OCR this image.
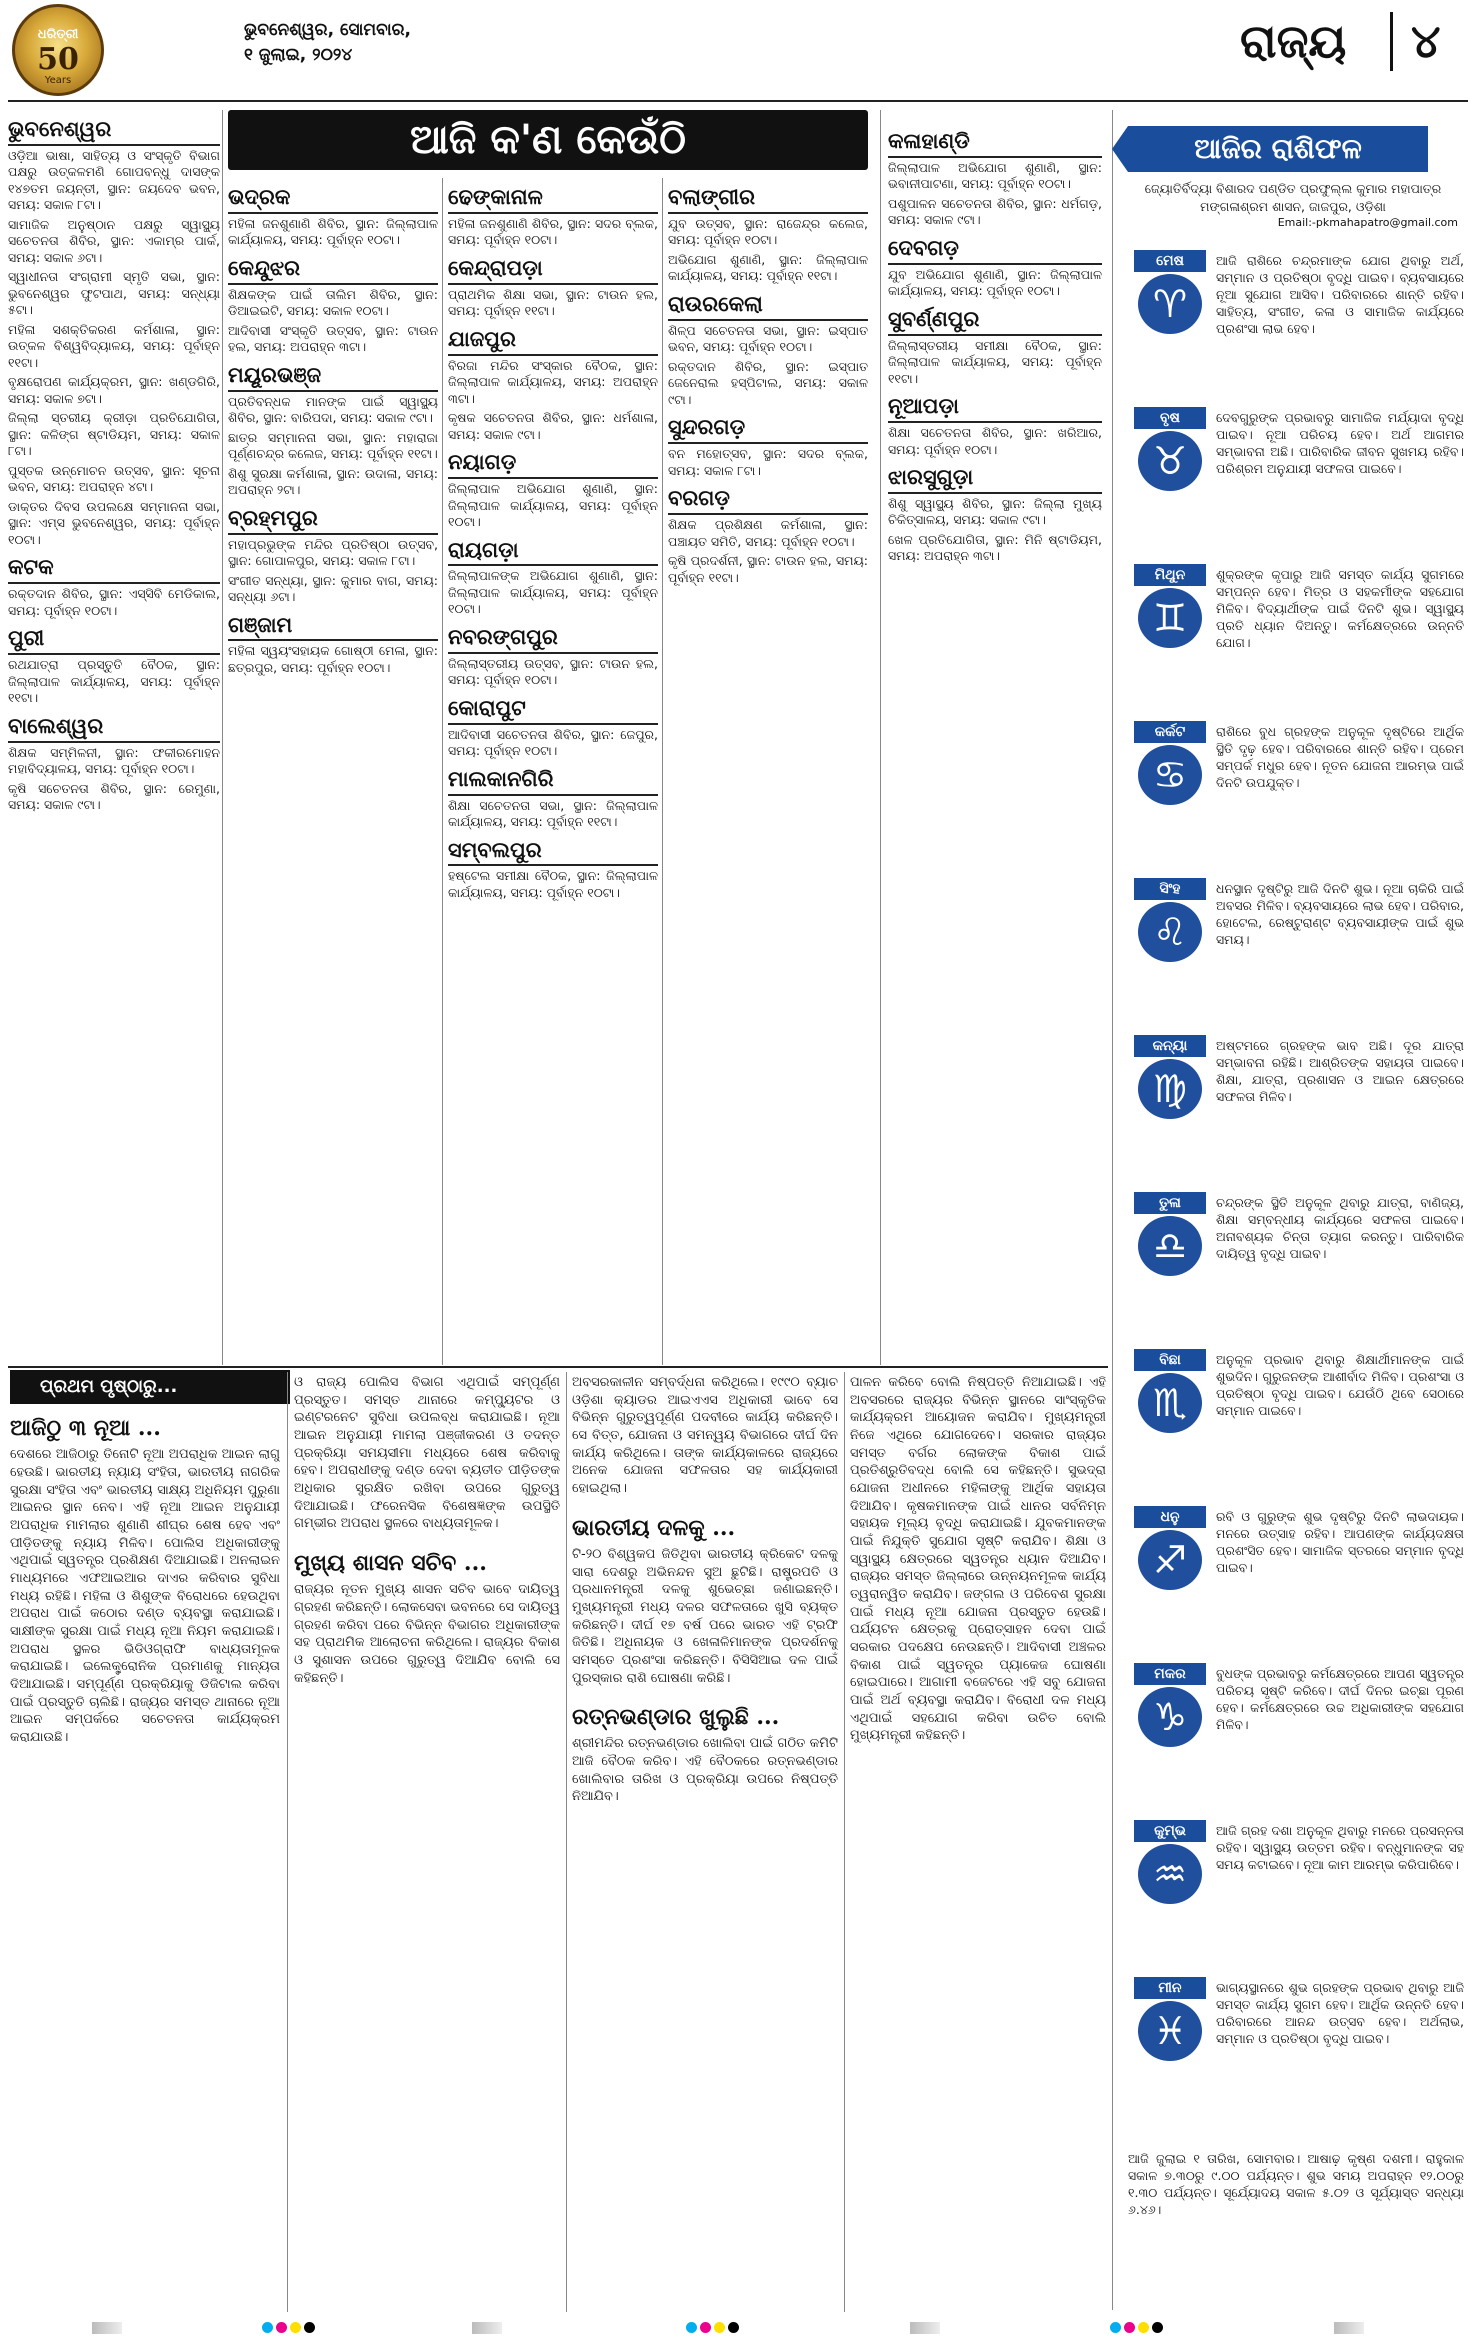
ଧରିତ୍ରୀ
50
Years
ଭୁବନେଶ୍ୱର, ସୋମବାର,
୧ ଜୁଲାଇ, ୨୦୨୪	ରାଜ୍ୟ	୪
ଆଜି କ'ଣ କେଉଁଠି
ଭୁବନେଶ୍ୱର
ଓଡ଼ିଆ ଭାଷା, ସାହିତ୍ୟ ଓ ସଂସ୍କୃତି ବିଭାଗ ପକ୍ଷରୁ ଉତ୍କଳମଣି ଗୋପବନ୍ଧୁ ଦାସଙ୍କ ୧୪୭ତମ ଜୟନ୍ତୀ, ସ୍ଥାନ: ଜୟଦେବ ଭବନ, ସମୟ: ସକାଳ ୮ଟା।
ସାମାଜିକ ଅନୁଷ୍ଠାନ ପକ୍ଷରୁ ସ୍ୱାସ୍ଥ୍ୟ ସଚେତନତା ଶିବିର, ସ୍ଥାନ: ଏକାମ୍ର ପାର୍କ, ସମୟ: ସକାଳ ୬ଟା।
ସ୍ୱାଧୀନତା ସଂଗ୍ରାମୀ ସ୍ମୃତି ସଭା, ସ୍ଥାନ: ଭୁବନେଶ୍ୱର ଫୁଟପାଥ, ସମୟ: ସନ୍ଧ୍ୟା ୫ଟା।
ମହିଳା ସଶକ୍ତିକରଣ କର୍ମଶାଳା, ସ୍ଥାନ: ଉତ୍କଳ ବିଶ୍ୱବିଦ୍ୟାଳୟ, ସମୟ: ପୂର୍ବାହ୍ନ ୧୧ଟା।
ବୃକ୍ଷରୋପଣ କାର୍ଯ୍ୟକ୍ରମ, ସ୍ଥାନ: ଖଣ୍ଡଗିରି, ସମୟ: ସକାଳ ୭ଟା।
ଜିଲ୍ଲା ସ୍ତରୀୟ କ୍ରୀଡ଼ା ପ୍ରତିଯୋଗିତା, ସ୍ଥାନ: କଳିଙ୍ଗ ଷ୍ଟାଡିୟମ, ସମୟ: ସକାଳ ୮ଟା।
ପୁସ୍ତକ ଉନ୍ମୋଚନ ଉତ୍ସବ, ସ୍ଥାନ: ସୂଚନା ଭବନ, ସମୟ: ଅପରାହ୍ନ ୪ଟା।
ଡାକ୍ତର ଦିବସ ଉପଲକ୍ଷେ ସମ୍ମାନନା ସଭା, ସ୍ଥାନ: ଏମ୍ସ ଭୁବନେଶ୍ୱର, ସମୟ: ପୂର୍ବାହ୍ନ ୧୦ଟା।
କଟକ
ରକ୍ତଦାନ ଶିବିର, ସ୍ଥାନ: ଏସ୍ସିବି ମେଡିକାଲ, ସମୟ: ପୂର୍ବାହ୍ନ ୧୦ଟା।
ପୁରୀ
ରଥଯାତ୍ରା ପ୍ରସ୍ତୁତି ବୈଠକ, ସ୍ଥାନ: ଜିଲ୍ଲାପାଳ କାର୍ଯ୍ୟାଳୟ, ସମୟ: ପୂର୍ବାହ୍ନ ୧୧ଟା।
ବାଲେଶ୍ୱର
ଶିକ୍ଷକ ସମ୍ମିଳନୀ, ସ୍ଥାନ: ଫକୀରମୋହନ ମହାବିଦ୍ୟାଳୟ, ସମୟ: ପୂର୍ବାହ୍ନ ୧୦ଟା।
କୃଷି ସଚେତନତା ଶିବିର, ସ୍ଥାନ: ରେମୁଣା, ସମୟ: ସକାଳ ୯ଟା।
ଭଦ୍ରକ
ମହିଳା ଜନଶୁଣାଣି ଶିବିର, ସ୍ଥାନ: ଜିଲ୍ଲାପାଳ କାର୍ଯ୍ୟାଳୟ, ସମୟ: ପୂର୍ବାହ୍ନ ୧୦ଟା।
କେନ୍ଦୁଝର
ଶିକ୍ଷକଙ୍କ ପାଇଁ ତାଲିମ ଶିବିର, ସ୍ଥାନ: ଡିଆଇଇଟି, ସମୟ: ସକାଳ ୧୦ଟା।
ଆଦିବାସୀ ସଂସ୍କୃତି ଉତ୍ସବ, ସ୍ଥାନ: ଟାଉନ ହଲ, ସମୟ: ଅପରାହ୍ନ ୩ଟା।
ମୟୂରଭଞ୍ଜ
ପ୍ରତିବନ୍ଧକ ମାନଙ୍କ ପାଇଁ ସ୍ୱାସ୍ଥ୍ୟ ଶିବିର, ସ୍ଥାନ: ବାରିପଦା, ସମୟ: ସକାଳ ୯ଟା।
ଛାତ୍ର ସମ୍ମାନନା ସଭା, ସ୍ଥାନ: ମହାରାଜା ପୂର୍ଣ୍ଣଚନ୍ଦ୍ର କଲେଜ, ସମୟ: ପୂର୍ବାହ୍ନ ୧୧ଟା।
ଶିଶୁ ସୁରକ୍ଷା କର୍ମଶାଳା, ସ୍ଥାନ: ଉଦାଳା, ସମୟ: ଅପରାହ୍ନ ୨ଟା।
ବ୍ରହ୍ମପୁର
ମହାପ୍ରଭୁଙ୍କ ମନ୍ଦିର ପ୍ରତିଷ୍ଠା ଉତ୍ସବ, ସ୍ଥାନ: ଗୋପାଳପୁର, ସମୟ: ସକାଳ ୮ଟା।
ସଂଗୀତ ସନ୍ଧ୍ୟା, ସ୍ଥାନ: କୁମାର ବାଗ, ସମୟ: ସନ୍ଧ୍ୟା ୬ଟା।
ଗଞ୍ଜାମ
ମହିଳା ସ୍ୱୟଂସହାୟକ ଗୋଷ୍ଠୀ ମେଳା, ସ୍ଥାନ: ଛତ୍ରପୁର, ସମୟ: ପୂର୍ବାହ୍ନ ୧୦ଟା।
ଢେଙ୍କାନାଳ
ମହିଳା ଜନଶୁଣାଣି ଶିବିର, ସ୍ଥାନ: ସଦର ବ୍ଲକ, ସମୟ: ପୂର୍ବାହ୍ନ ୧୦ଟା।
କେନ୍ଦ୍ରାପଡ଼ା
ପ୍ରାଥମିକ ଶିକ୍ଷା ସଭା, ସ୍ଥାନ: ଟାଉନ ହଲ, ସମୟ: ପୂର୍ବାହ୍ନ ୧୧ଟା।
ଯାଜପୁର
ବିରଜା ମନ୍ଦିର ସଂସ୍କାର ବୈଠକ, ସ୍ଥାନ: ଜିଲ୍ଲାପାଳ କାର୍ଯ୍ୟାଳୟ, ସମୟ: ଅପରାହ୍ନ ୩ଟା।
କୃଷକ ସଚେତନତା ଶିବିର, ସ୍ଥାନ: ଧର୍ମଶାଳା, ସମୟ: ସକାଳ ୯ଟା।
ନୟାଗଡ଼
ଜିଲ୍ଲାପାଳ ଅଭିଯୋଗ ଶୁଣାଣି, ସ୍ଥାନ: ଜିଲ୍ଲାପାଳ କାର୍ଯ୍ୟାଳୟ, ସମୟ: ପୂର୍ବାହ୍ନ ୧୦ଟା।
ରାୟଗଡ଼ା
ଜିଲ୍ଲାପାଳଙ୍କ ଅଭିଯୋଗ ଶୁଣାଣି, ସ୍ଥାନ: ଜିଲ୍ଲାପାଳ କାର୍ଯ୍ୟାଳୟ, ସମୟ: ପୂର୍ବାହ୍ନ ୧୦ଟା।
ନବରଙ୍ଗପୁର
ଜିଲ୍ଲାସ୍ତରୀୟ ଉତ୍ସବ, ସ୍ଥାନ: ଟାଉନ ହଲ, ସମୟ: ପୂର୍ବାହ୍ନ ୧୦ଟା।
କୋରାପୁଟ
ଆଦିବାସୀ ସଚେତନତା ଶିବିର, ସ୍ଥାନ: ଜେପୁର, ସମୟ: ପୂର୍ବାହ୍ନ ୧୦ଟା।
ମାଲକାନଗିରି
ଶିକ୍ଷା ସଚେତନତା ସଭା, ସ୍ଥାନ: ଜିଲ୍ଲାପାଳ କାର୍ଯ୍ୟାଳୟ, ସମୟ: ପୂର୍ବାହ୍ନ ୧୧ଟା।
ସମ୍ବଲପୁର
ହଷ୍ଟେଲ ସମୀକ୍ଷା ବୈଠକ, ସ୍ଥାନ: ଜିଲ୍ଲାପାଳ କାର୍ଯ୍ୟାଳୟ, ସମୟ: ପୂର୍ବାହ୍ନ ୧୦ଟା।
ବଲାଙ୍ଗୀର
ଯୁବ ଉତ୍ସବ, ସ୍ଥାନ: ରାଜେନ୍ଦ୍ର କଲେଜ, ସମୟ: ପୂର୍ବାହ୍ନ ୧୦ଟା।
ଅଭିଯୋଗ ଶୁଣାଣି, ସ୍ଥାନ: ଜିଲ୍ଲାପାଳ କାର୍ଯ୍ୟାଳୟ, ସମୟ: ପୂର୍ବାହ୍ନ ୧୧ଟା।
ରାଉରକେଲା
ଶିଳ୍ପ ସଚେତନତା ସଭା, ସ୍ଥାନ: ଇସ୍ପାତ ଭବନ, ସମୟ: ପୂର୍ବାହ୍ନ ୧୦ଟା।
ରକ୍ତଦାନ ଶିବିର, ସ୍ଥାନ: ଇସ୍ପାତ ଜେନେରାଲ ହସ୍ପିଟାଲ, ସମୟ: ସକାଳ ୯ଟା।
ସୁନ୍ଦରଗଡ଼
ବନ ମହୋତ୍ସବ, ସ୍ଥାନ: ସଦର ବ୍ଲକ, ସମୟ: ସକାଳ ୮ଟା।
ବରଗଡ଼
ଶିକ୍ଷକ ପ୍ରଶିକ୍ଷଣ କର୍ମଶାଳା, ସ୍ଥାନ: ପଞ୍ଚାୟତ ସମିତି, ସମୟ: ପୂର୍ବାହ୍ନ ୧୦ଟା।
କୃଷି ପ୍ରଦର୍ଶନୀ, ସ୍ଥାନ: ଟାଉନ ହଲ, ସମୟ: ପୂର୍ବାହ୍ନ ୧୧ଟା।
କଳାହାଣ୍ଡି
ଜିଲ୍ଲାପାଳ ଅଭିଯୋଗ ଶୁଣାଣି, ସ୍ଥାନ: ଭବାନୀପାଟଣା, ସମୟ: ପୂର୍ବାହ୍ନ ୧୦ଟା।
ପଶୁପାଳନ ସଚେତନତା ଶିବିର, ସ୍ଥାନ: ଧର୍ମଗଡ଼, ସମୟ: ସକାଳ ୯ଟା।
ଦେବଗଡ଼
ଯୁବ ଅଭିଯୋଗ ଶୁଣାଣି, ସ୍ଥାନ: ଜିଲ୍ଲାପାଳ କାର୍ଯ୍ୟାଳୟ, ସମୟ: ପୂର୍ବାହ୍ନ ୧୦ଟା।
ସୁବର୍ଣ୍ଣପୁର
ଜିଲ୍ଲାସ୍ତରୀୟ ସମୀକ୍ଷା ବୈଠକ, ସ୍ଥାନ: ଜିଲ୍ଲାପାଳ କାର୍ଯ୍ୟାଳୟ, ସମୟ: ପୂର୍ବାହ୍ନ ୧୧ଟା।
ନୂଆପଡ଼ା
ଶିକ୍ଷା ସଚେତନତା ଶିବିର, ସ୍ଥାନ: ଖରିଆର, ସମୟ: ପୂର୍ବାହ୍ନ ୧୦ଟା।
ଝାରସୁଗୁଡ଼ା
ଶିଶୁ ସ୍ୱାସ୍ଥ୍ୟ ଶିବିର, ସ୍ଥାନ: ଜିଲ୍ଲା ମୁଖ୍ୟ ଚିକିତ୍ସାଳୟ, ସମୟ: ସକାଳ ୯ଟା।
ଖେଳ ପ୍ରତିଯୋଗିତା, ସ୍ଥାନ: ମିନି ଷ୍ଟାଡିୟମ, ସମୟ: ଅପରାହ୍ନ ୩ଟା।
ଆଜିର ରାଶିଫଳ
ଜ୍ୟୋତିର୍ବିଦ୍ୟା ବିଶାରଦ ପଣ୍ଡିତ ପ୍ରଫୁଲ୍ଲ କୁମାର ମହାପାତ୍ର
ମଙ୍ଗଳାଶ୍ରମ ଶାସନ, ଜାଜପୁର, ଓଡ଼ିଶା
Email:-pkmahapatro@gmail.com
ମେଷ
♈
ଆଜି ରାଶିରେ ଚନ୍ଦ୍ରମାଙ୍କ ଯୋଗ ଥିବାରୁ ଅର୍ଥ, ସମ୍ମାନ ଓ ପ୍ରତିଷ୍ଠା ବୃଦ୍ଧି ପାଇବ। ବ୍ୟବସାୟରେ ନୂଆ ସୁଯୋଗ ଆସିବ। ପରିବାରରେ ଶାନ୍ତି ରହିବ। ସାହିତ୍ୟ, ସଂଗୀତ, କଳା ଓ ସାମାଜିକ କାର୍ଯ୍ୟରେ ପ୍ରଶଂସା ଲାଭ ହେବ।
ବୃଷ
♉
ଦେବଗୁରୁଙ୍କ ପ୍ରଭାବରୁ ସାମାଜିକ ମର୍ଯ୍ୟାଦା ବୃଦ୍ଧି ପାଇବ। ନୂଆ ପରିଚୟ ହେବ। ଅର୍ଥ ଆଗମର ସମ୍ଭାବନା ଅଛି। ପାରିବାରିକ ଜୀବନ ସୁଖମୟ ରହିବ। ପରିଶ୍ରମ ଅନୁଯାୟୀ ସଫଳତା ପାଇବେ।
ମିଥୁନ
♊
ଶୁକ୍ରଙ୍କ କୃପାରୁ ଆଜି ସମସ୍ତ କାର୍ଯ୍ୟ ସୁଗମରେ ସମ୍ପନ୍ନ ହେବ। ମିତ୍ର ଓ ସହକର୍ମୀଙ୍କ ସହଯୋଗ ମିଳିବ। ବିଦ୍ୟାର୍ଥୀଙ୍କ ପାଇଁ ଦିନଟି ଶୁଭ। ସ୍ୱାସ୍ଥ୍ୟ ପ୍ରତି ଧ୍ୟାନ ଦିଅନ୍ତୁ। କର୍ମକ୍ଷେତ୍ରରେ ଉନ୍ନତି ଯୋଗ।
କର୍କଟ
♋
ରାଶିରେ ବୁଧ ଗ୍ରହଙ୍କ ଅନୁକୂଳ ଦୃଷ୍ଟିରେ ଆର୍ଥିକ ସ୍ଥିତି ଦୃଢ଼ ହେବ। ପରିବାରରେ ଶାନ୍ତି ରହିବ। ପ୍ରେମ ସମ୍ପର୍କ ମଧୁର ହେବ। ନୂତନ ଯୋଜନା ଆରମ୍ଭ ପାଇଁ ଦିନଟି ଉପଯୁକ୍ତ।
ସିଂହ
♌
ଧନସ୍ଥାନ ଦୃଷ୍ଟିରୁ ଆଜି ଦିନଟି ଶୁଭ। ନୂଆ ଚାକିରି ପାଇଁ ଅବସର ମିଳିବ। ବ୍ୟବସାୟରେ ଲାଭ ହେବ। ପରିବାର, ହୋଟେଲ, ରେଷ୍ଟୁରାଣ୍ଟ ବ୍ୟବସାୟୀଙ୍କ ପାଇଁ ଶୁଭ ସମୟ।
କନ୍ୟା
♍
ଅଷ୍ଟମରେ ଗ୍ରହଙ୍କ ଭାବ ଅଛି। ଦୂର ଯାତ୍ରା ସମ୍ଭାବନା ରହିଛି। ଆଶ୍ରିତଙ୍କ ସହାୟତା ପାଇବେ। ଶିକ୍ଷା, ଯାତ୍ରା, ପ୍ରଶାସନ ଓ ଆଇନ କ୍ଷେତ୍ରରେ ସଫଳତା ମିଳିବ।
ତୁଳା
♎
ଚନ୍ଦ୍ରଙ୍କ ସ୍ଥିତି ଅନୁକୂଳ ଥିବାରୁ ଯାତ୍ରା, ବାଣିଜ୍ୟ, ଶିକ୍ଷା ସମ୍ବନ୍ଧୀୟ କାର୍ଯ୍ୟରେ ସଫଳତା ପାଇବେ। ଅନାବଶ୍ୟକ ଚିନ୍ତା ତ୍ୟାଗ କରନ୍ତୁ। ପାରିବାରିକ ଦାୟିତ୍ୱ ବୃଦ୍ଧି ପାଇବ।
ବିଛା
♏
ଅନୁକୂଳ ପ୍ରଭାବ ଥିବାରୁ ଶିକ୍ଷାର୍ଥୀମାନଙ୍କ ପାଇଁ ଶୁଭଦିନ। ଗୁରୁଜନଙ୍କ ଆଶୀର୍ବାଦ ମିଳିବ। ପ୍ରଶଂସା ଓ ପ୍ରତିଷ୍ଠା ବୃଦ୍ଧି ପାଇବ। ଯେଉଁଠି ଥିବେ ସେଠାରେ ସମ୍ମାନ ପାଇବେ।
ଧନୁ
♐
ରବି ଓ ଗୁରୁଙ୍କ ଶୁଭ ଦୃଷ୍ଟିରୁ ଦିନଟି ଲାଭଦାୟକ। ମନରେ ଉତ୍ସାହ ରହିବ। ଆପଣଙ୍କ କାର୍ଯ୍ୟଦକ୍ଷତା ପ୍ରଶଂସିତ ହେବ। ସାମାଜିକ ସ୍ତରରେ ସମ୍ମାନ ବୃଦ୍ଧି ପାଇବ।
ମକର
♑
ବୁଧଙ୍କ ପ୍ରଭାବରୁ କର୍ମକ୍ଷେତ୍ରରେ ଆପଣ ସ୍ୱତନ୍ତ୍ର ପରିଚୟ ସୃଷ୍ଟି କରିବେ। ଦୀର୍ଘ ଦିନର ଇଚ୍ଛା ପୂରଣ ହେବ। କର୍ମକ୍ଷେତ୍ରରେ ଉଚ୍ଚ ଅଧିକାରୀଙ୍କ ସହଯୋଗ ମିଳିବ।
କୁମ୍ଭ
♒
ଆଜି ଗ୍ରହ ଦଶା ଅନୁକୂଳ ଥିବାରୁ ମନରେ ପ୍ରସନ୍ନତା ରହିବ। ସ୍ୱାସ୍ଥ୍ୟ ଉତ୍ତମ ରହିବ। ବନ୍ଧୁମାନଙ୍କ ସହ ସମୟ କଟାଇବେ। ନୂଆ କାମ ଆରମ୍ଭ କରିପାରିବେ।
ମୀନ
♓
ଭାଗ୍ୟସ୍ଥାନରେ ଶୁଭ ଗ୍ରହଙ୍କ ପ୍ରଭାବ ଥିବାରୁ ଆଜି ସମସ୍ତ କାର୍ଯ୍ୟ ସୁଗମ ହେବ। ଆର୍ଥିକ ଉନ୍ନତି ହେବ। ପରିବାରରେ ଆନନ୍ଦ ଉତ୍ସବ ହେବ। ଅର୍ଥଲାଭ, ସମ୍ମାନ ଓ ପ୍ରତିଷ୍ଠା ବୃଦ୍ଧି ପାଇବ।
ଆଜି ଜୁଲାଇ ୧ ତାରିଖ, ସୋମବାର। ଆଷାଢ଼ କୃଷ୍ଣ ଦଶମୀ। ରାହୁକାଳ ସକାଳ ୭.୩୦ରୁ ୯.୦୦ ପର୍ଯ୍ୟନ୍ତ। ଶୁଭ ସମୟ ଅପରାହ୍ନ ୧୨.୦୦ରୁ ୧.୩୦ ପର୍ଯ୍ୟନ୍ତ। ସୂର୍ଯ୍ୟୋଦୟ ସକାଳ ୫.୦୨ ଓ ସୂର୍ଯ୍ୟାସ୍ତ ସନ୍ଧ୍ୟା ୬.୪୬।
ପ୍ରଥମ ପୃଷ୍ଠାରୁ...
ଆଜିଠୁ ୩ ନୂଆ ...
ଦେଶରେ ଆଜିଠାରୁ ତିନୋଟି ନୂଆ ଅପରାଧିକ ଆଇନ ଲାଗୁ ହେଉଛି। ଭାରତୀୟ ନ୍ୟାୟ ସଂହିତା, ଭାରତୀୟ ନାଗରିକ ସୁରକ୍ଷା ସଂହିତା ଏବଂ ଭାରତୀୟ ସାକ୍ଷ୍ୟ ଅଧିନିୟମ ପୁରୁଣା ଆଇନର ସ୍ଥାନ ନେବ। ଏହି ନୂଆ ଆଇନ ଅନୁଯାୟୀ ଅପରାଧିକ ମାମଲାର ଶୁଣାଣି ଶୀଘ୍ର ଶେଷ ହେବ ଏବଂ ପୀଡ଼ିତଙ୍କୁ ନ୍ୟାୟ ମିଳିବ। ପୋଲିସ ଅଧିକାରୀଙ୍କୁ ଏଥିପାଇଁ ସ୍ୱତନ୍ତ୍ର ପ୍ରଶିକ୍ଷଣ ଦିଆଯାଇଛି। ଅନଲାଇନ ମାଧ୍ୟମରେ ଏଫଆଇଆର ଦାଏର କରିବାର ସୁବିଧା ମଧ୍ୟ ରହିଛି। ମହିଳା ଓ ଶିଶୁଙ୍କ ବିରୋଧରେ ହେଉଥିବା ଅପରାଧ ପାଇଁ କଠୋର ଦଣ୍ଡ ବ୍ୟବସ୍ଥା କରାଯାଇଛି। ସାକ୍ଷୀଙ୍କ ସୁରକ୍ଷା ପାଇଁ ମଧ୍ୟ ନୂଆ ନିୟମ କରାଯାଇଛି। ଅପରାଧ ସ୍ଥଳର ଭିଡିଓଗ୍ରାଫି ବାଧ୍ୟତାମୂଳକ କରାଯାଇଛି। ଇଲେକ୍ଟ୍ରୋନିକ ପ୍ରମାଣକୁ ମାନ୍ୟତା ଦିଆଯାଇଛି। ସମ୍ପୂର୍ଣ୍ଣ ପ୍ରକ୍ରିୟାକୁ ଡିଜିଟାଲ କରିବା ପାଇଁ ପ୍ରସ୍ତୁତି ଚାଲିଛି। ରାଜ୍ୟର ସମସ୍ତ ଥାନାରେ ନୂଆ ଆଇନ ସମ୍ପର୍କରେ ସଚେତନତା କାର୍ଯ୍ୟକ୍ରମ କରାଯାଉଛି।
ଓ ରାଜ୍ୟ ପୋଲିସ ବିଭାଗ ଏଥିପାଇଁ ସମ୍ପୂର୍ଣ୍ଣ ପ୍ରସ୍ତୁତ। ସମସ୍ତ ଥାନାରେ କମ୍ପ୍ୟୁଟର ଓ ଇଣ୍ଟରନେଟ ସୁବିଧା ଉପଲବ୍ଧ କରାଯାଇଛି। ନୂଆ ଆଇନ ଅନୁଯାୟୀ ମାମଲା ପଞ୍ଜୀକରଣ ଓ ତଦନ୍ତ ପ୍ରକ୍ରିୟା ସମୟସୀମା ମଧ୍ୟରେ ଶେଷ କରିବାକୁ ହେବ। ଅପରାଧୀଙ୍କୁ ଦଣ୍ଡ ଦେବା ବ୍ୟତୀତ ପୀଡ଼ିତଙ୍କ ଅଧିକାର ସୁରକ୍ଷିତ ରଖିବା ଉପରେ ଗୁରୁତ୍ୱ ଦିଆଯାଇଛି। ଫରେନସିକ ବିଶେଷଜ୍ଞଙ୍କ ଉପସ୍ଥିତି ଗମ୍ଭୀର ଅପରାଧ ସ୍ଥଳରେ ବାଧ୍ୟତାମୂଳକ।
ମୁଖ୍ୟ ଶାସନ ସଚିବ ...
ରାଜ୍ୟର ନୂତନ ମୁଖ୍ୟ ଶାସନ ସଚିବ ଭାବେ ଦାୟିତ୍ୱ ଗ୍ରହଣ କରିଛନ୍ତି। ଲୋକସେବା ଭବନରେ ସେ ଦାୟିତ୍ୱ ଗ୍ରହଣ କରିବା ପରେ ବିଭିନ୍ନ ବିଭାଗର ଅଧିକାରୀଙ୍କ ସହ ପ୍ରାଥମିକ ଆଲୋଚନା କରିଥିଲେ। ରାଜ୍ୟର ବିକାଶ ଓ ସୁଶାସନ ଉପରେ ଗୁରୁତ୍ୱ ଦିଆଯିବ ବୋଲି ସେ କହିଛନ୍ତି।
ଅବସରକାଳୀନ ସମ୍ବର୍ଦ୍ଧନା କରିଥିଲେ। ୧୯୯୦ ବ୍ୟାଚ ଓଡ଼ିଶା କ୍ୟାଡର ଆଇଏଏସ ଅଧିକାରୀ ଭାବେ ସେ ବିଭିନ୍ନ ଗୁରୁତ୍ୱପୂର୍ଣ୍ଣ ପଦବୀରେ କାର୍ଯ୍ୟ କରିଛନ୍ତି। ସେ ବିତ୍ତ, ଯୋଜନା ଓ ସମନ୍ୱୟ ବିଭାଗରେ ଦୀର୍ଘ ଦିନ କାର୍ଯ୍ୟ କରିଥିଲେ। ତାଙ୍କ କାର୍ଯ୍ୟକାଳରେ ରାଜ୍ୟରେ ଅନେକ ଯୋଜନା ସଫଳତାର ସହ କାର୍ଯ୍ୟକାରୀ ହୋଇଥିଲା।
ଭାରତୀୟ ଦଳକୁ ...
ଟି-୨୦ ବିଶ୍ୱକପ ଜିତିଥିବା ଭାରତୀୟ କ୍ରିକେଟ ଦଳକୁ ସାରା ଦେଶରୁ ଅଭିନନ୍ଦନ ସୁଅ ଛୁଟିଛି। ରାଷ୍ଟ୍ରପତି ଓ ପ୍ରଧାନମନ୍ତ୍ରୀ ଦଳକୁ ଶୁଭେଚ୍ଛା ଜଣାଇଛନ୍ତି। ମୁଖ୍ୟମନ୍ତ୍ରୀ ମଧ୍ୟ ଦଳର ସଫଳତାରେ ଖୁସି ବ୍ୟକ୍ତ କରିଛନ୍ତି। ଦୀର୍ଘ ୧୭ ବର୍ଷ ପରେ ଭାରତ ଏହି ଟ୍ରଫି ଜିତିଛି। ଅଧିନାୟକ ଓ ଖେଳାଳିମାନଙ୍କ ପ୍ରଦର୍ଶନକୁ ସମସ୍ତେ ପ୍ରଶଂସା କରିଛନ୍ତି। ବିସିସିଆଇ ଦଳ ପାଇଁ ପୁରସ୍କାର ରାଶି ଘୋଷଣା କରିଛି।
ରତ୍ନଭଣ୍ଡାର ଖୁଲୁଛି ...
ଶ୍ରୀମନ୍ଦିର ରତ୍ନଭଣ୍ଡାର ଖୋଲିବା ପାଇଁ ଗଠିତ କମିଟି ଆଜି ବୈଠକ କରିବ। ଏହି ବୈଠକରେ ରତ୍ନଭଣ୍ଡାର ଖୋଲିବାର ତାରିଖ ଓ ପ୍ରକ୍ରିୟା ଉପରେ ନିଷ୍ପତ୍ତି ନିଆଯିବ।
ପାଳନ କରିବେ ବୋଲି ନିଷ୍ପତ୍ତି ନିଆଯାଇଛି। ଏହି ଅବସରରେ ରାଜ୍ୟର ବିଭିନ୍ନ ସ୍ଥାନରେ ସାଂସ୍କୃତିକ କାର୍ଯ୍ୟକ୍ରମ ଆୟୋଜନ କରାଯିବ। ମୁଖ୍ୟମନ୍ତ୍ରୀ ନିଜେ ଏଥିରେ ଯୋଗଦେବେ। ସରକାର ରାଜ୍ୟର ସମସ୍ତ ବର୍ଗର ଲୋକଙ୍କ ବିକାଶ ପାଇଁ ପ୍ରତିଶ୍ରୁତିବଦ୍ଧ ବୋଲି ସେ କହିଛନ୍ତି। ସୁଭଦ୍ରା ଯୋଜନା ଅଧୀନରେ ମହିଳାଙ୍କୁ ଆର୍ଥିକ ସହାୟତା ଦିଆଯିବ। କୃଷକମାନଙ୍କ ପାଇଁ ଧାନର ସର୍ବନିମ୍ନ ସହାୟକ ମୂଲ୍ୟ ବୃଦ୍ଧି କରାଯାଇଛି। ଯୁବକମାନଙ୍କ ପାଇଁ ନିଯୁକ୍ତି ସୁଯୋଗ ସୃଷ୍ଟି କରାଯିବ। ଶିକ୍ଷା ଓ ସ୍ୱାସ୍ଥ୍ୟ କ୍ଷେତ୍ରରେ ସ୍ୱତନ୍ତ୍ର ଧ୍ୟାନ ଦିଆଯିବ। ରାଜ୍ୟର ସମସ୍ତ ଜିଲ୍ଲାରେ ଉନ୍ନୟନମୂଳକ କାର୍ଯ୍ୟ ତ୍ୱରାନ୍ୱିତ କରାଯିବ। ଜଙ୍ଗଲ ଓ ପରିବେଶ ସୁରକ୍ଷା ପାଇଁ ମଧ୍ୟ ନୂଆ ଯୋଜନା ପ୍ରସ୍ତୁତ ହେଉଛି। ପର୍ଯ୍ୟଟନ କ୍ଷେତ୍ରକୁ ପ୍ରୋତ୍ସାହନ ଦେବା ପାଇଁ ସରକାର ପଦକ୍ଷେପ ନେଉଛନ୍ତି। ଆଦିବାସୀ ଅଞ୍ଚଳର ବିକାଶ ପାଇଁ ସ୍ୱତନ୍ତ୍ର ପ୍ୟାକେଜ ଘୋଷଣା ହୋଇପାରେ। ଆଗାମୀ ବଜେଟରେ ଏହି ସବୁ ଯୋଜନା ପାଇଁ ଅର୍ଥ ବ୍ୟବସ୍ଥା କରାଯିବ। ବିରୋଧୀ ଦଳ ମଧ୍ୟ ଏଥିପାଇଁ ସହଯୋଗ କରିବା ଉଚିତ ବୋଲି ମୁଖ୍ୟମନ୍ତ୍ରୀ କହିଛନ୍ତି।
